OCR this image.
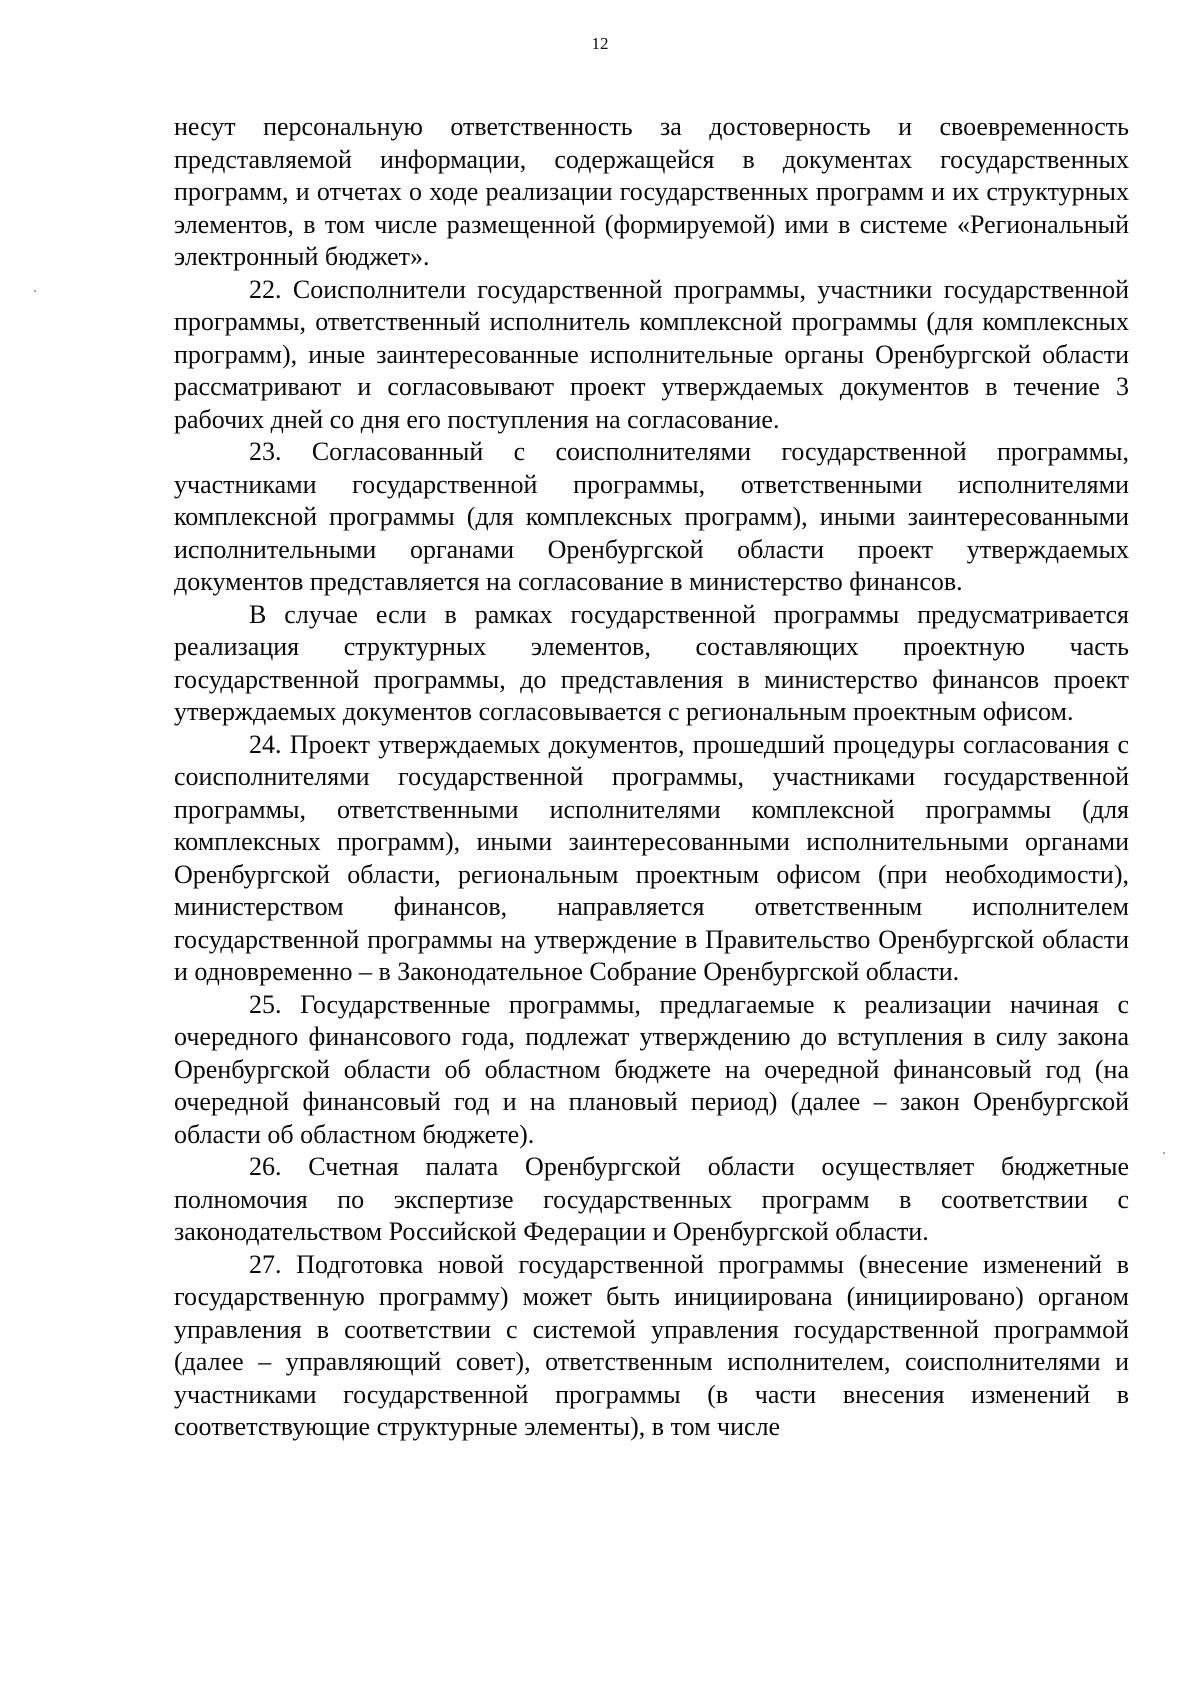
12

несут персональную ответственность за достоверность и своевременность представляемой информации, содержащейся в документах государственных программ, и отчетах о ходе реализации государственных программ и их структурных элементов, в том числе размещенной (формируемой) ими в системе «Региональный электронный бюджет».

22. Соисполнители государственной программы, участники государственной программы, ответственный исполнитель комплексной программы (для комплексных программ), иные заинтересованные исполнительные органы Оренбургской области рассматривают и согласовывают проект утверждаемых документов в течение 3 рабочих дней со дня его поступления на согласование.

23. Согласованный с соисполнителями государственной программы, участниками государственной программы, ответственными исполнителями комплексной программы (для комплексных программ), иными заинтересованными исполнительными органами Оренбургской области проект утверждаемых документов представляется на согласование в министерство финансов.

В случае если в рамках государственной программы предусматривается реализация структурных элементов, составляющих проектную часть государственной программы, до представления в министерство финансов проект утверждаемых документов согласовывается с региональным проектным офисом.

24. Проект утверждаемых документов, прошедший процедуры согласования с соисполнителями государственной программы, участниками государственной программы, ответственными исполнителями комплексной программы (для комплексных программ), иными заинтересованными исполнительными органами Оренбургской области, региональным проектным офисом (при необходимости), министерством финансов, направляется ответственным исполнителем государственной программы на утверждение в Правительство Оренбургской области и одновременно – в Законодательное Собрание Оренбургской области.

25. Государственные программы, предлагаемые к реализации начиная с очередного финансового года, подлежат утверждению до вступления в силу закона Оренбургской области об областном бюджете на очередной финансовый год (на очередной финансовый год и на плановый период) (далее – закон Оренбургской области об областном бюджете).

26. Счетная палата Оренбургской области осуществляет бюджетные полномочия по экспертизе государственных программ в соответствии с законодательством Российской Федерации и Оренбургской области.

27. Подготовка новой государственной программы (внесение изменений в государственную программу) может быть инициирована (инициировано) органом управления в соответствии с системой управления государственной программой (далее – управляющий совет), ответственным исполнителем, соисполнителями и участниками государственной программы (в части внесения изменений в соответствующие структурные элементы), в том числе
